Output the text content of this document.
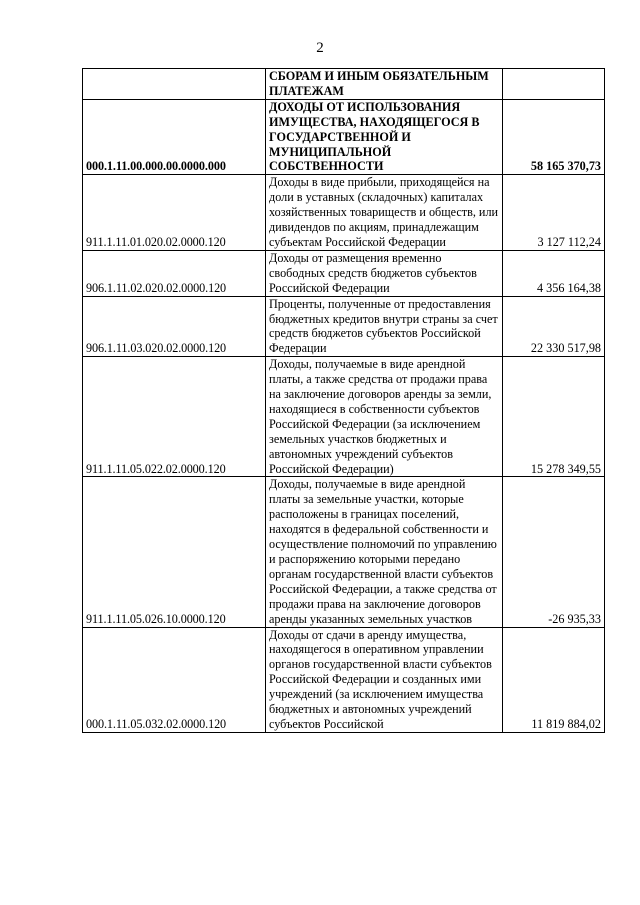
2
	СБОРАМ И ИНЫМ ОБЯЗАТЕЛЬНЫМ ПЛАТЕЖАМ	
000.1.11.00.000.00.0000.000	ДОХОДЫ ОТ ИСПОЛЬЗОВАНИЯ ИМУЩЕСТВА, НАХОДЯЩЕГОСЯ В ГОСУДАРСТВЕННОЙ И МУНИЦИПАЛЬНОЙ СОБСТВЕННОСТИ	58 165 370,73
911.1.11.01.020.02.0000.120	Доходы в виде прибыли, приходящейся на доли в уставных (складочных) капиталах хозяйственных товариществ и обществ, или дивидендов по акциям, принадлежащим субъектам Российской Федерации	3 127 112,24
906.1.11.02.020.02.0000.120	Доходы от размещения временно свободных средств бюджетов субъектов Российской Федерации	4 356 164,38
906.1.11.03.020.02.0000.120	Проценты, полученные от предоставления бюджетных кредитов внутри страны за счет средств бюджетов субъектов Российской Федерации	22 330 517,98
911.1.11.05.022.02.0000.120	Доходы, получаемые в виде арендной платы, а также средства от продажи права на заключение договоров аренды за земли, находящиеся в собственности субъектов Российской Федерации (за исключением земельных участков бюджетных и автономных учреждений субъектов Российской Федерации)	15 278 349,55
911.1.11.05.026.10.0000.120	Доходы, получаемые в виде арендной платы за земельные участки, которые расположены в границах поселений, находятся в федеральной собственности и осуществление полномочий по управлению и распоряжению которыми передано органам государственной власти субъектов Российской Федерации, а также средства от продажи права на заключение договоров аренды указанных земельных участков	-26 935,33
000.1.11.05.032.02.0000.120	Доходы от сдачи в аренду имущества, находящегося в оперативном управлении органов государственной власти субъектов Российской Федерации и созданных ими учреждений (за исключением имущества бюджетных и автономных учреждений субъектов Российской	11 819 884,02
